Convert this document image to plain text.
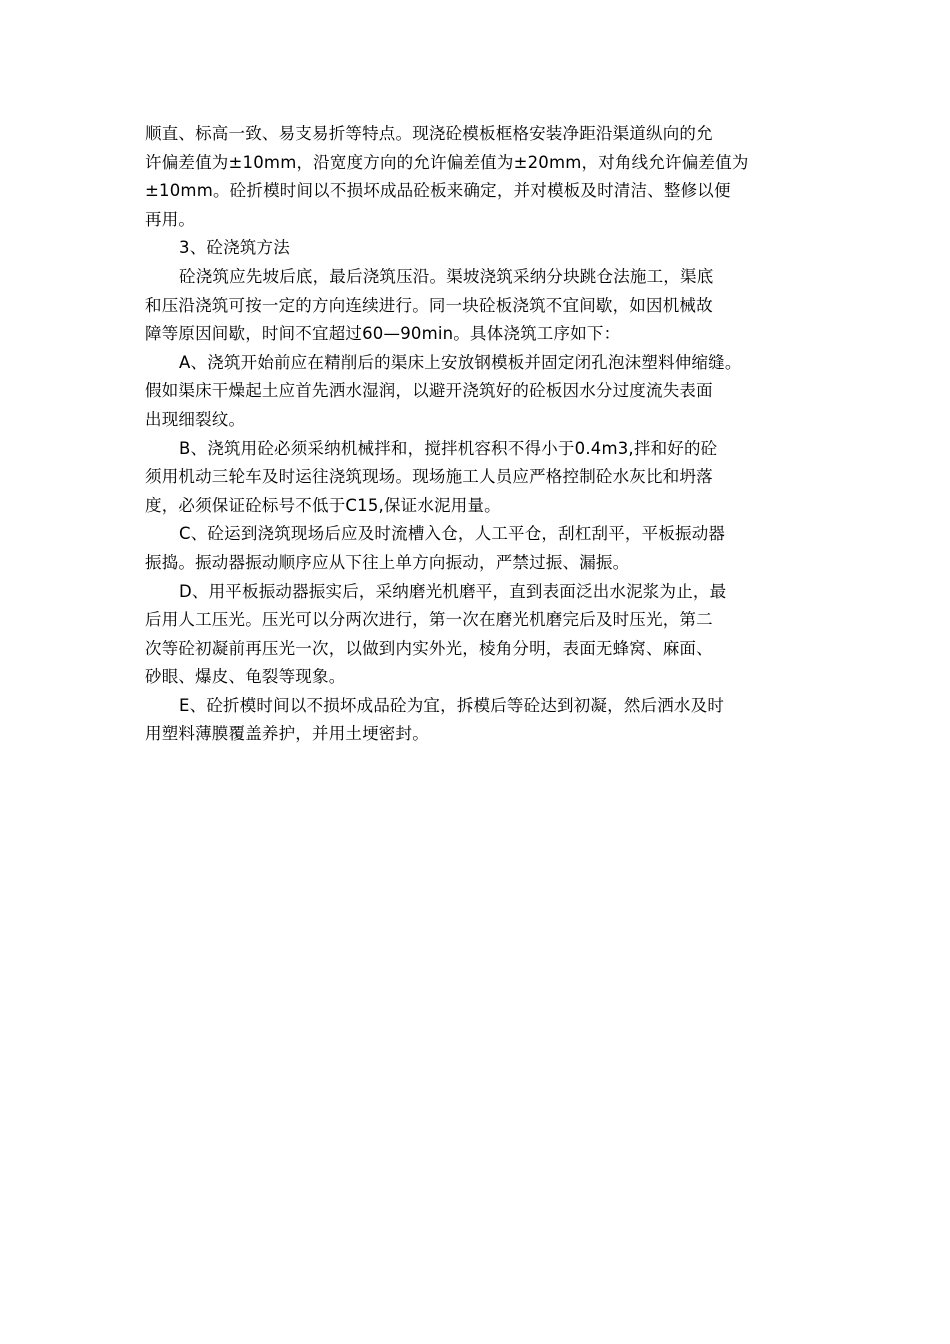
顺直、标高一致、易支易折等特点。现浇砼模板框格安装净距沿渠道纵向的允
许偏差值为±10mm，沿宽度方向的允许偏差值为±20mm，对角线允许偏差值为
±10mm。砼折模时间以不损坏成品砼板来确定，并对模板及时清洁、整修以便
再用。
3、砼浇筑方法
砼浇筑应先坡后底，最后浇筑压沿。渠坡浇筑采纳分块跳仓法施工，渠底
和压沿浇筑可按一定的方向连续进行。同一块砼板浇筑不宜间歇，如因机械故
障等原因间歇，时间不宜超过60—90min。具体浇筑工序如下：
A、浇筑开始前应在精削后的渠床上安放钢模板并固定闭孔泡沫塑料伸缩缝。
假如渠床干燥起土应首先洒水湿润，以避开浇筑好的砼板因水分过度流失表面
出现细裂纹。
B、浇筑用砼必须采纳机械拌和，搅拌机容积不得小于0.4m3,拌和好的砼
须用机动三轮车及时运往浇筑现场。现场施工人员应严格控制砼水灰比和坍落
度，必须保证砼标号不低于C15,保证水泥用量。
C、砼运到浇筑现场后应及时流槽入仓，人工平仓，刮杠刮平，平板振动器
振捣。振动器振动顺序应从下往上单方向振动，严禁过振、漏振。
D、用平板振动器振实后，采纳磨光机磨平，直到表面泛出水泥浆为止，最
后用人工压光。压光可以分两次进行，第一次在磨光机磨完后及时压光，第二
次等砼初凝前再压光一次，以做到内实外光，棱角分明，表面无蜂窝、麻面、
砂眼、爆皮、龟裂等现象。
E、砼折模时间以不损坏成品砼为宜，拆模后等砼达到初凝，然后洒水及时
用塑料薄膜覆盖养护，并用土埂密封。
